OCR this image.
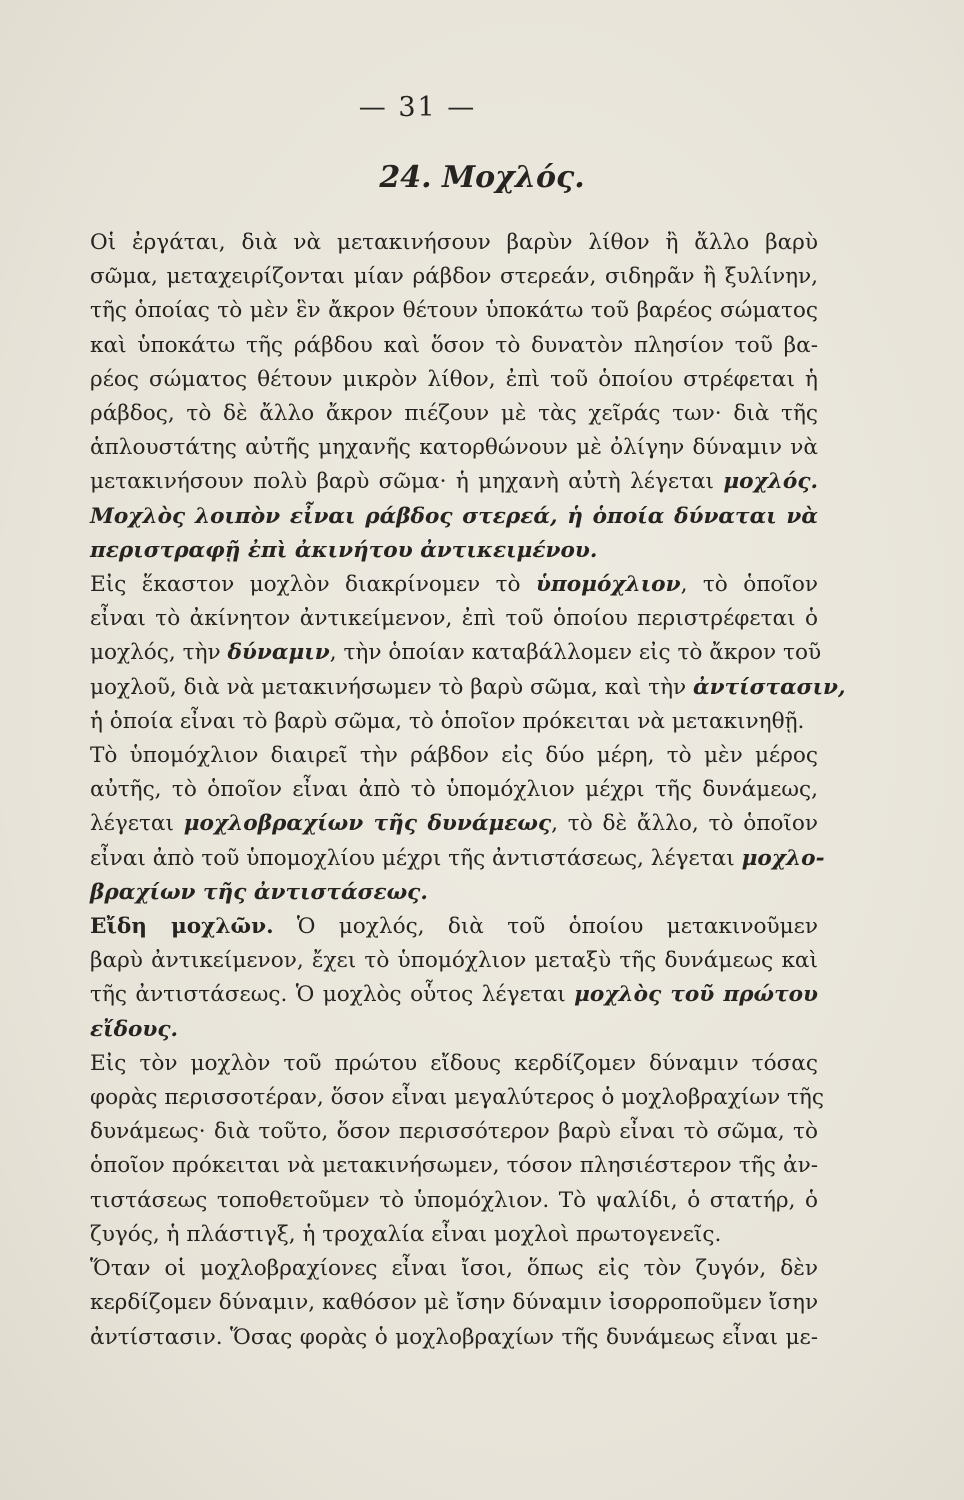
— 31 —
24. Μοχλός.

Οἱ ἐργάται, διὰ νὰ μετακινήσουν βαρὺν λίθον ἢ ἄλλο βαρὺ

σῶμα, μεταχειρίζονται μίαν ράβδον στερεάν, σιδηρᾶν ἢ ξυλίνην,

τῆς ὁποίας τὸ μὲν ἓν ἄκρον θέτουν ὑποκάτω τοῦ βαρέος σώματος

καὶ ὑποκάτω τῆς ράβδου καὶ ὅσον τὸ δυνατὸν πλησίον τοῦ βα-

ρέος σώματος θέτουν μικρὸν λίθον, ἐπὶ τοῦ ὁποίου στρέφεται ἡ

ράβδος, τὸ δὲ ἄλλο ἄκρον πιέζουν μὲ τὰς χεῖράς των· διὰ τῆς

ἁπλουστάτης αὐτῆς μηχανῆς κατορθώνουν μὲ ὀλίγην δύναμιν νὰ

μετακινήσουν πολὺ βαρὺ σῶμα· ἡ μηχανὴ αὐτὴ λέγεται μοχλός.

Μοχλὸς λοιπὸν εἶναι ράβδος στερεά, ἡ ὁποία δύναται νὰ

περιστραφῇ ἐπὶ ἀκινήτου ἀντικειμένου.

Εἰς ἕκαστον μοχλὸν διακρίνομεν τὸ ὑπομόχλιον, τὸ ὁποῖον

εἶναι τὸ ἀκίνητον ἀντικείμενον, ἐπὶ τοῦ ὁποίου περιστρέφεται ὁ

μοχλός, τὴν δύναμιν, τὴν ὁποίαν καταβάλλομεν εἰς τὸ ἄκρον τοῦ

μοχλοῦ, διὰ νὰ μετακινήσωμεν τὸ βαρὺ σῶμα, καὶ τὴν ἀντίστασιν,

ἡ ὁποία εἶναι τὸ βαρὺ σῶμα, τὸ ὁποῖον πρόκειται νὰ μετακινηθῇ.

Τὸ ὑπομόχλιον διαιρεῖ τὴν ράβδον εἰς δύο μέρη, τὸ μὲν μέρος

αὐτῆς, τὸ ὁποῖον εἶναι ἀπὸ τὸ ὑπομόχλιον μέχρι τῆς δυνάμεως,

λέγεται μοχλοβραχίων τῆς δυνάμεως, τὸ δὲ ἄλλο, τὸ ὁποῖον

εἶναι ἀπὸ τοῦ ὑπομοχλίου μέχρι τῆς ἀντιστάσεως, λέγεται μοχλο-

βραχίων τῆς ἀντιστάσεως.

Εἴδη μοχλῶν. Ὁ μοχλός, διὰ τοῦ ὁποίου μετακινοῦμεν

βαρὺ ἀντικείμενον, ἔχει τὸ ὑπομόχλιον μεταξὺ τῆς δυνάμεως καὶ

τῆς ἀντιστάσεως. Ὁ μοχλὸς οὗτος λέγεται μοχλὸς τοῦ πρώτου

εἴδους.

Εἰς τὸν μοχλὸν τοῦ πρώτου εἴδους κερδίζομεν δύναμιν τόσας

φορὰς περισσοτέραν, ὅσον εἶναι μεγαλύτερος ὁ μοχλοβραχίων τῆς

δυνάμεως· διὰ τοῦτο, ὅσον περισσότερον βαρὺ εἶναι τὸ σῶμα, τὸ

ὁποῖον πρόκειται νὰ μετακινήσωμεν, τόσον πλησιέστερον τῆς ἀν-

τιστάσεως τοποθετοῦμεν τὸ ὑπομόχλιον. Τὸ ψαλίδι, ὁ στατήρ, ὁ

ζυγός, ἡ πλάστιγξ, ἡ τροχαλία εἶναι μοχλοὶ πρωτογενεῖς.

Ὅταν οἱ μοχλοβραχίονες εἶναι ἴσοι, ὅπως εἰς τὸν ζυγόν, δὲν

κερδίζομεν δύναμιν, καθόσον μὲ ἴσην δύναμιν ἰσορροποῦμεν ἴσην

ἀντίστασιν. Ὅσας φορὰς ὁ μοχλοβραχίων τῆς δυνάμεως εἶναι με-
